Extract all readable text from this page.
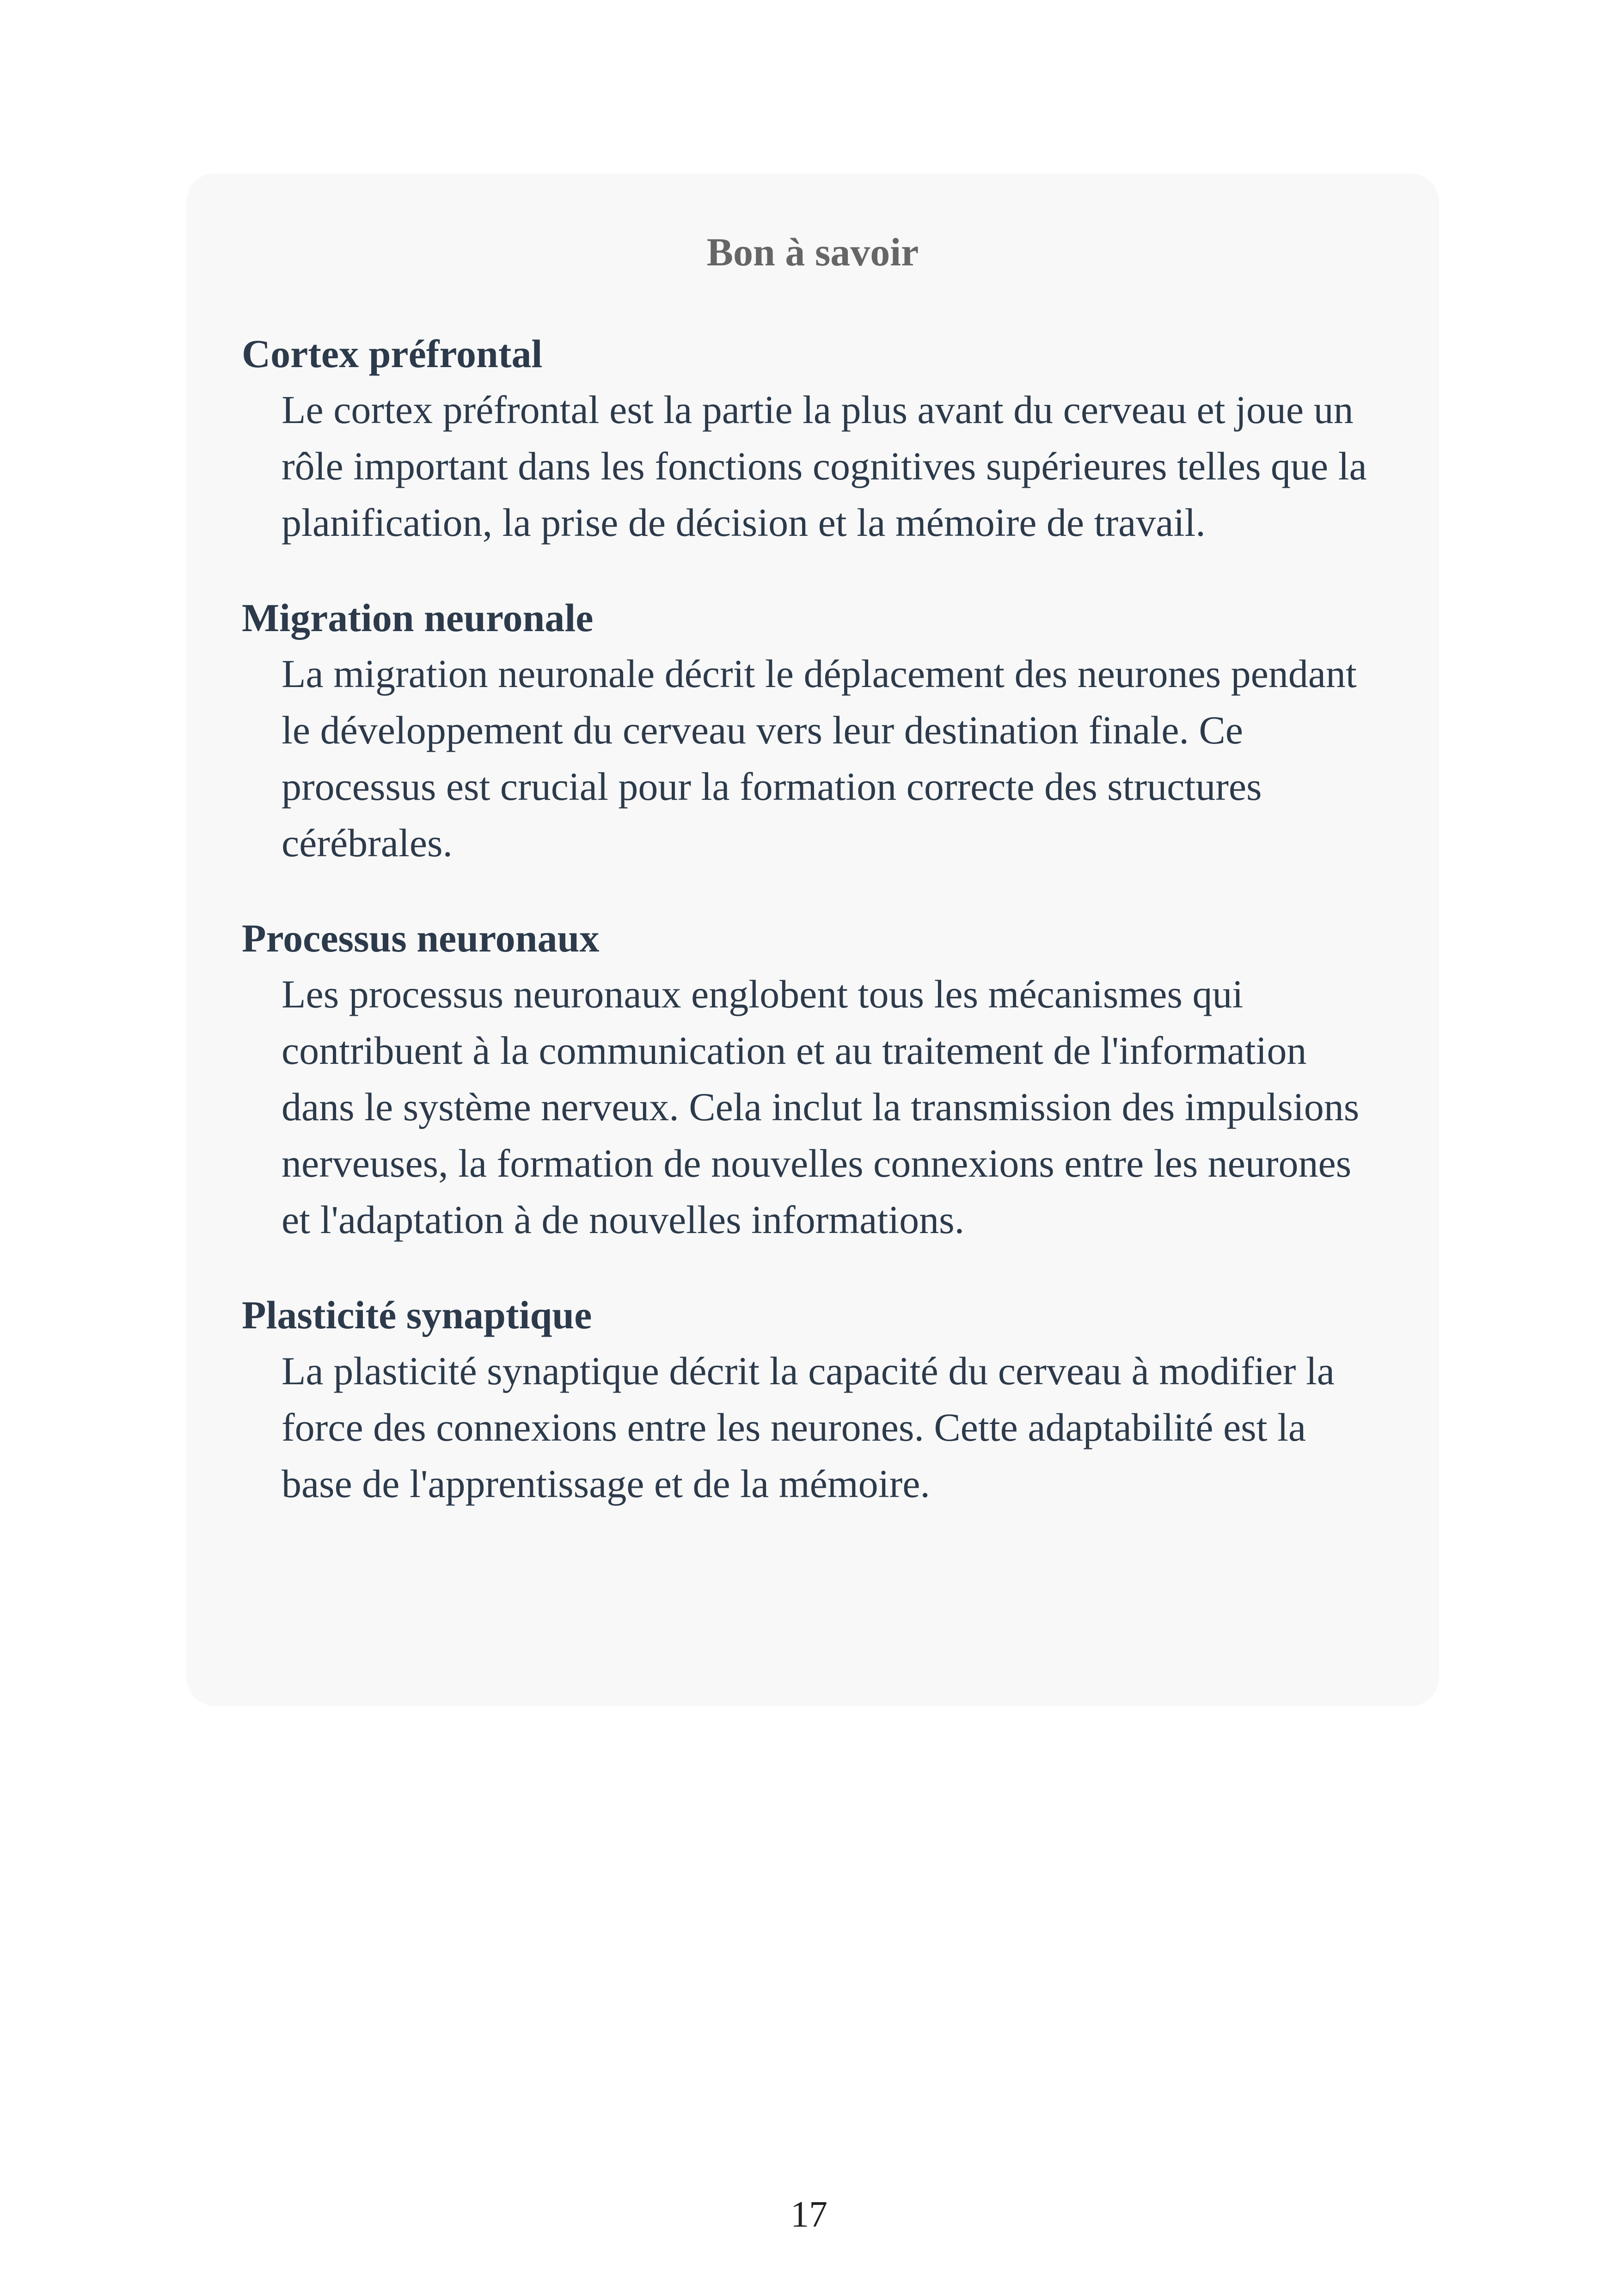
Bon à savoir
Cortex préfrontal
Le cortex préfrontal est la partie la plus avant du cerveau et joue un rôle important dans les fonctions cognitives supérieures telles que la planification, la prise de décision et la mémoire de travail.
Migration neuronale
La migration neuronale décrit le déplacement des neurones pendant le développement du cerveau vers leur destination finale. Ce processus est crucial pour la formation correcte des structures cérébrales.
Processus neuronaux
Les processus neuronaux englobent tous les mécanismes qui contribuent à la communication et au traitement de l'information dans le système nerveux. Cela inclut la transmission des impulsions nerveuses, la formation de nouvelles connexions entre les neurones et l'adaptation à de nouvelles informations.
Plasticité synaptique
La plasticité synaptique décrit la capacité du cerveau à modifier la force des connexions entre les neurones. Cette adaptabilité est la base de l'apprentissage et de la mémoire.
17
